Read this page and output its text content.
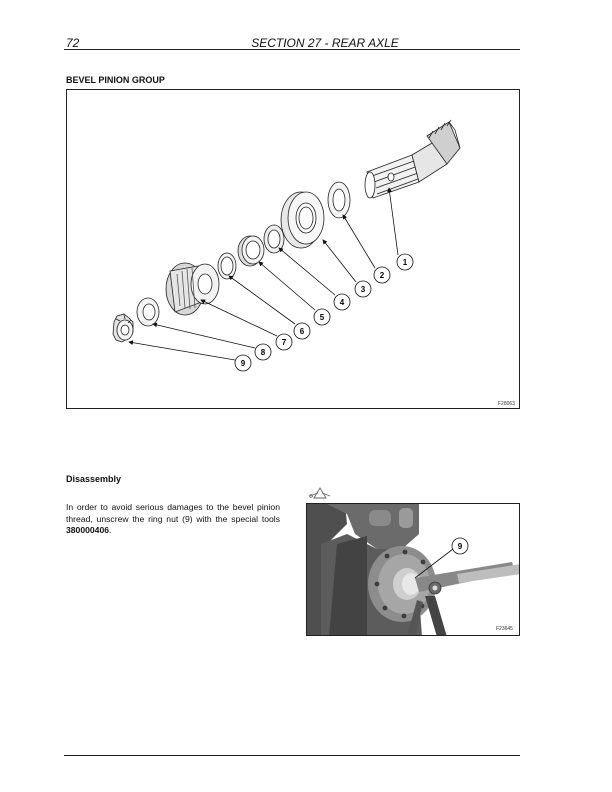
72	SECTION 27 - REAR AXLE
BEVEL PINION GROUP
1
2
3
4
5
6
7
8
9
F28063
Disassembly
In order to avoid serious damages to the bevel pinion thread, unscrew the ring nut (9) with the special tools 380000406.
9
F23645
